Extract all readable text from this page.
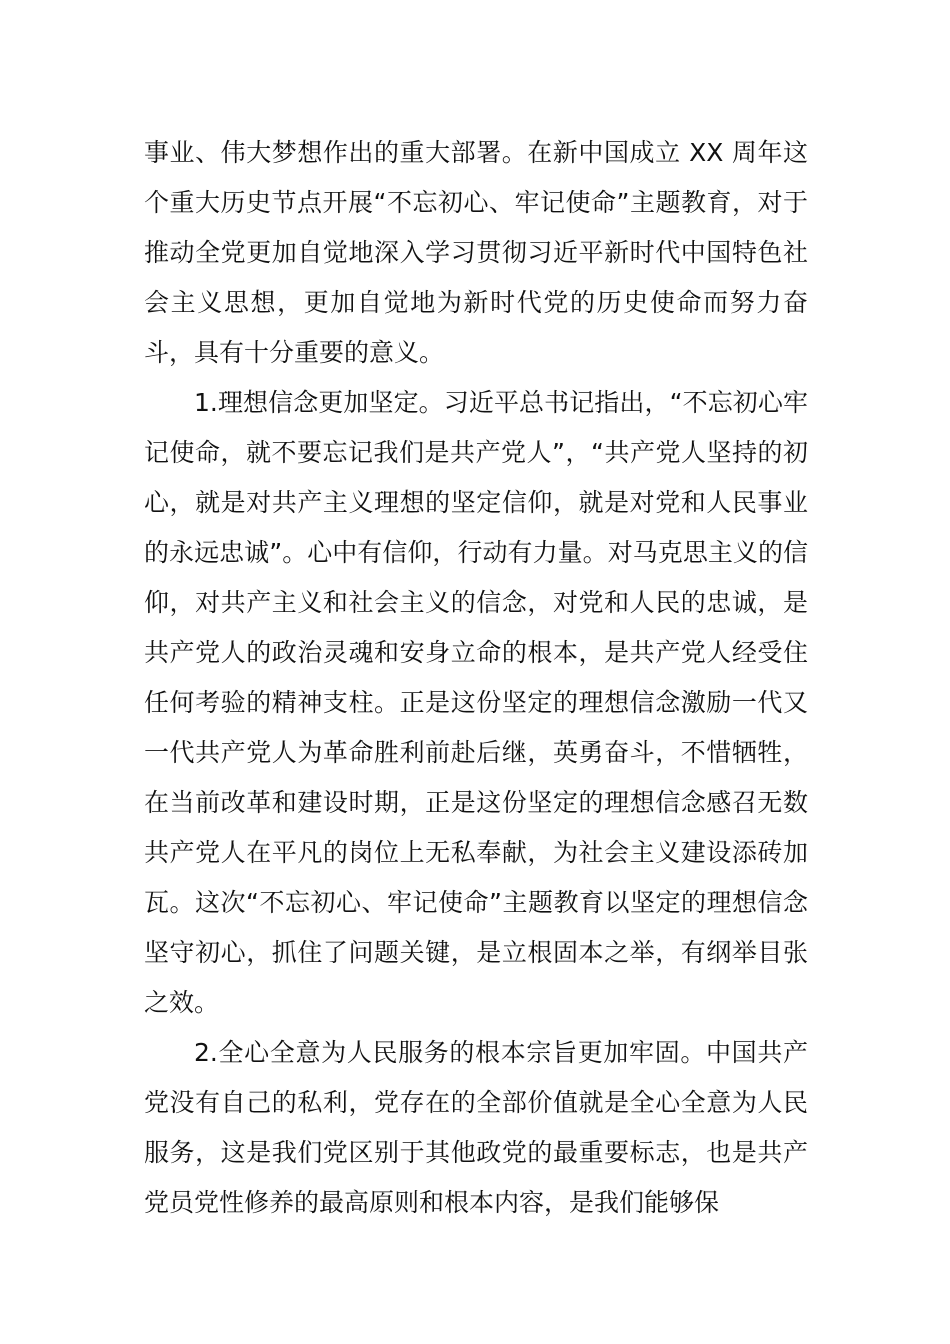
事业、伟大梦想作出的重大部署。在新中国成立 XX 周年这个重大历史节点开展“不忘初心、牢记使命”主题教育，对于推动全党更加自觉地深入学习贯彻习近平新时代中国特色社会主义思想，更加自觉地为新时代党的历史使命而努力奋斗，具有十分重要的意义。

1.理想信念更加坚定。习近平总书记指出，“不忘初心牢记使命，就不要忘记我们是共产党人”，“共产党人坚持的初心，就是对共产主义理想的坚定信仰，就是对党和人民事业的永远忠诚”。心中有信仰，行动有力量。对马克思主义的信仰，对共产主义和社会主义的信念，对党和人民的忠诚，是共产党人的政治灵魂和安身立命的根本，是共产党人经受住任何考验的精神支柱。正是这份坚定的理想信念激励一代又一代共产党人为革命胜利前赴后继，英勇奋斗，不惜牺牲，在当前改革和建设时期，正是这份坚定的理想信念感召无数共产党人在平凡的岗位上无私奉献，为社会主义建设添砖加瓦。这次“不忘初心、牢记使命”主题教育以坚定的理想信念坚守初心，抓住了问题关键，是立根固本之举，有纲举目张之效。

2.全心全意为人民服务的根本宗旨更加牢固。中国共产党没有自己的私利，党存在的全部价值就是全心全意为人民服务，这是我们党区别于其他政党的最重要标志，也是共产党员党性修养的最高原则和根本内容，是我们能够保
